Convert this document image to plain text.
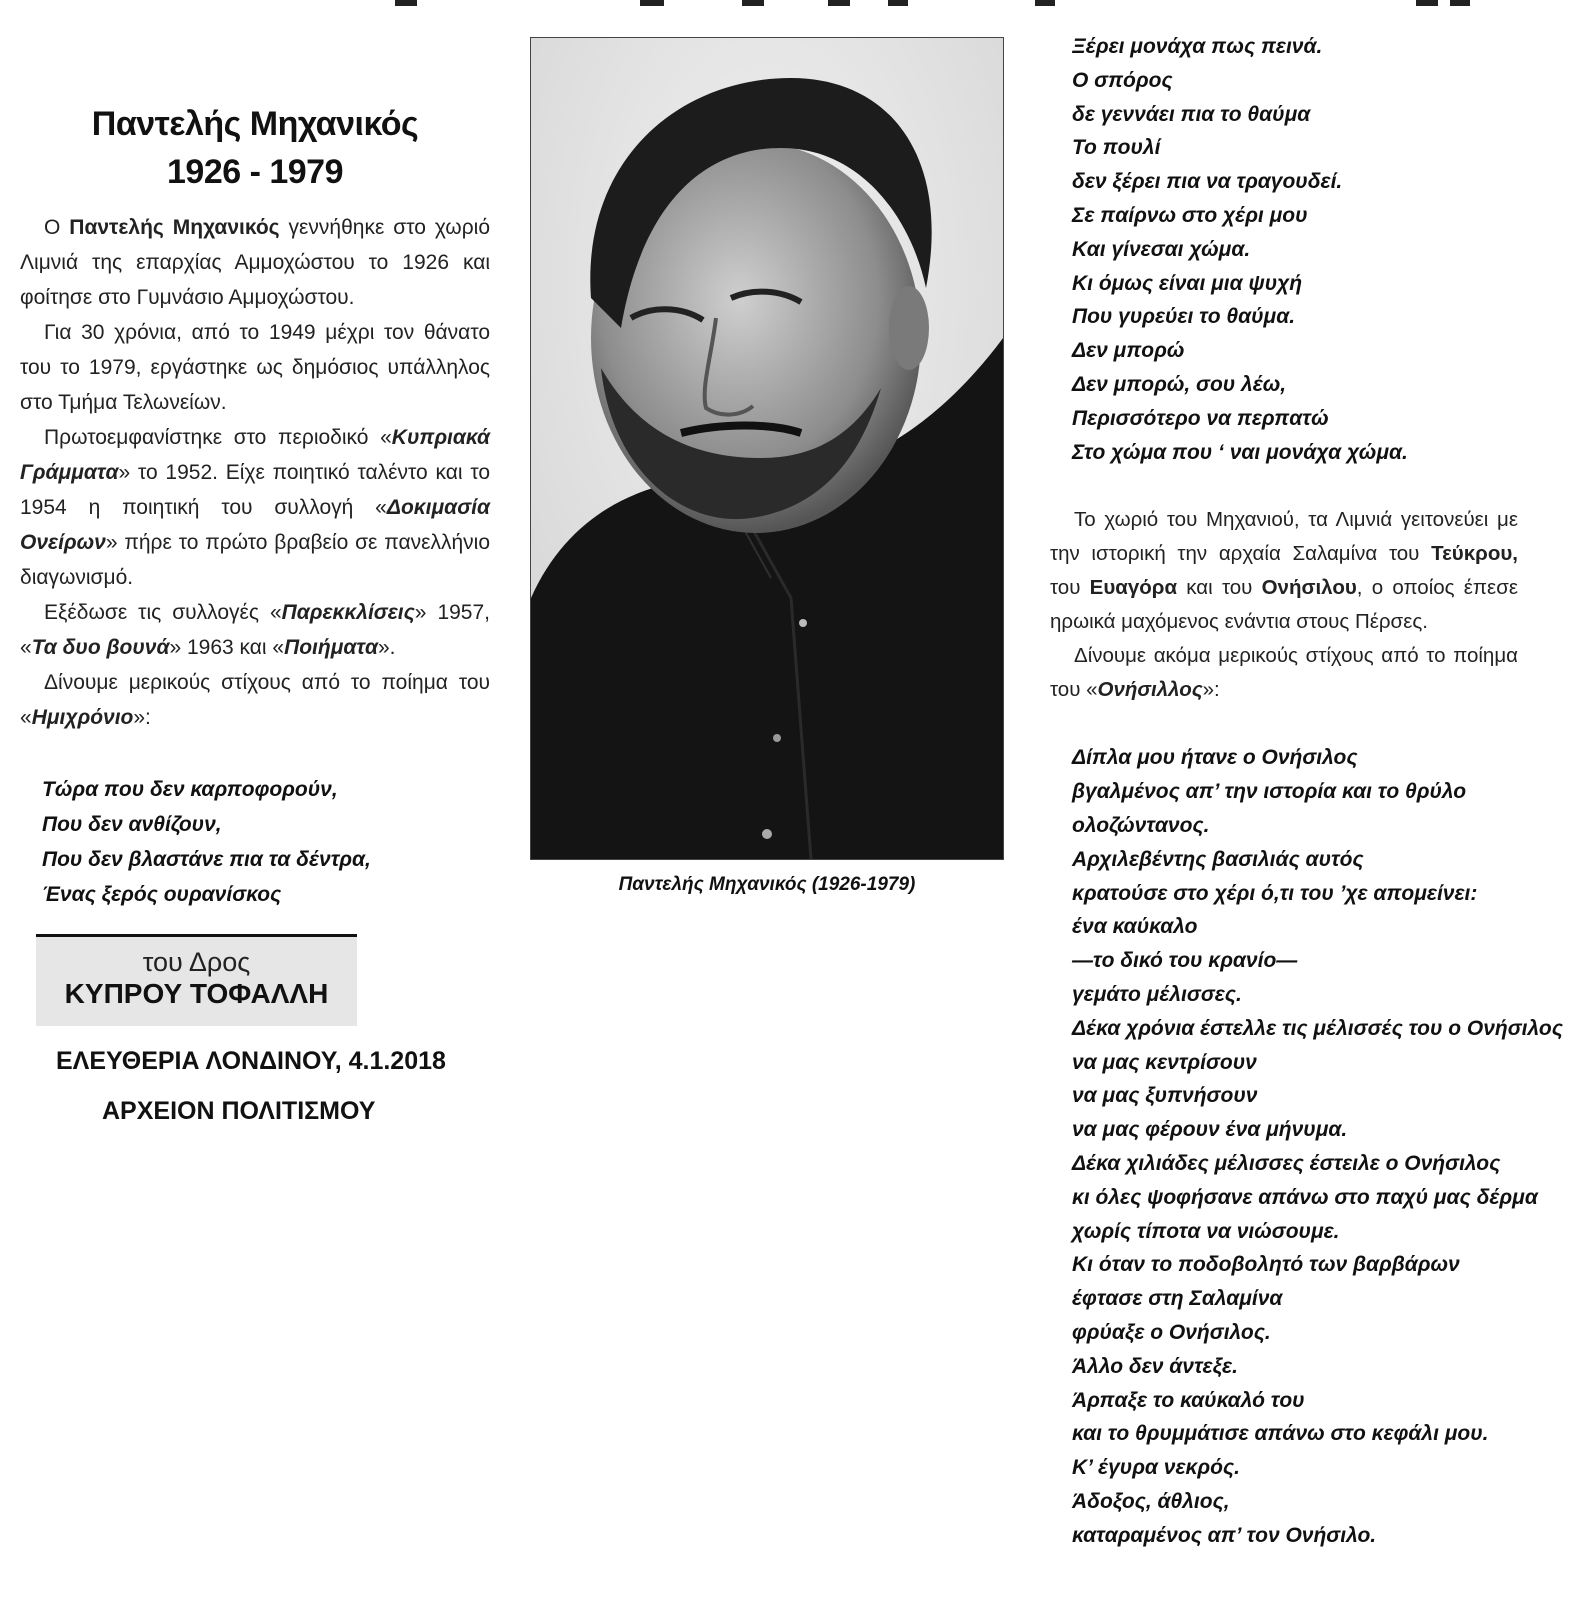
Παντελής Μηχανικός
1926 - 1979

Ο Παντελής Μηχανικός γεννήθηκε στο χωριό Λιμνιά της επαρχίας Αμμοχώστου το 1926 και φοίτησε στο Γυμνάσιο Αμμοχώστου.

Για 30 χρόνια, από το 1949 μέχρι τον θάνατο του το 1979, εργάστηκε ως δημόσιος υπάλληλος στο Τμήμα Τελωνείων.

Πρωτοεμφανίστηκε στο περιοδικό «Κυπριακά Γράμματα» το 1952. Είχε ποιητικό ταλέντο και το 1954 η ποιητική του συλλογή «Δοκιμασία Ονείρων» πήρε το πρώτο βραβείο σε πανελλήνιο διαγωνισμό.

Εξέδωσε τις συλλογές «Παρεκκλίσεις» 1957, «Τα δυο βουνά» 1963 και «Ποιήματα».

Δίνουμε μερικούς στίχους από το ποίημα του «Ημιχρόνιο»:

Τώρα που δεν καρποφορούν,
Που δεν ανθίζουν,
Που δεν βλαστάνε πια τα δέντρα,
Ένας ξερός ουρανίσκος
του Δρος
ΚΥΠΡΟΥ ΤΟΦΑΛΛΗ
ΕΛΕΥΘΕΡΙΑ ΛΟΝΔΙΝΟΥ, 4.1.2018
ΑΡΧΕΙΟΝ ΠΟΛΙΤΙΣΜΟΥ
Παντελής Μηχανικός (1926-1979)
Ξέρει μονάχα πως πεινά.
Ο σπόρος
δε γεννάει πια το θαύμα
Το πουλί
δεν ξέρει πια να τραγουδεί.
Σε παίρνω στο χέρι μου
Και γίνεσαι χώμα.
Κι όμως είναι μια ψυχή
Που γυρεύει το θαύμα.
Δεν μπορώ
Δεν μπορώ, σου λέω,
Περισσότερο να περπατώ
Στο χώμα που ‘ ναι μονάχα χώμα.

Το χωριό του Μηχανιού, τα Λιμνιά γειτονεύει με την ιστορική την αρχαία Σαλαμίνα του Τεύκρου, του Ευαγόρα και του Ονήσιλου, ο οποίος έπεσε ηρωικά μαχόμενος ενάντια στους Πέρσες.

Δίνουμε ακόμα μερικούς στίχους από το ποίημα του «Ονήσιλλος»:

Δίπλα μου ήτανε ο Ονήσιλος
βγαλμένος απ’ την ιστορία και το θρύλο
ολοζώντανος.
Αρχιλεβέντης βασιλιάς αυτός
κρατούσε στο χέρι ό,τι του ’χε απομείνει:
ένα καύκαλο
—το δικό του κρανίο—
γεμάτο μέλισσες.
Δέκα χρόνια έστελλε τις μέλισσές του ο Ονήσιλος
να μας κεντρίσουν
να μας ξυπνήσουν
να μας φέρουν ένα μήνυμα.
Δέκα χιλιάδες μέλισσες έστειλε ο Ονήσιλος
κι όλες ψοφήσανε απάνω στο παχύ μας δέρμα
χωρίς τίποτα να νιώσουμε.
Κι όταν το ποδοβολητό των βαρβάρων
έφτασε στη Σαλαμίνα
φρύαξε ο Ονήσιλος.
Άλλο δεν άντεξε.
Άρπαξε το καύκαλό του
και το θρυμμάτισε απάνω στο κεφάλι μου.
Κ’ έγυρα νεκρός.
Άδοξος, άθλιος,
καταραμένος απ’ τον Ονήσιλο.
